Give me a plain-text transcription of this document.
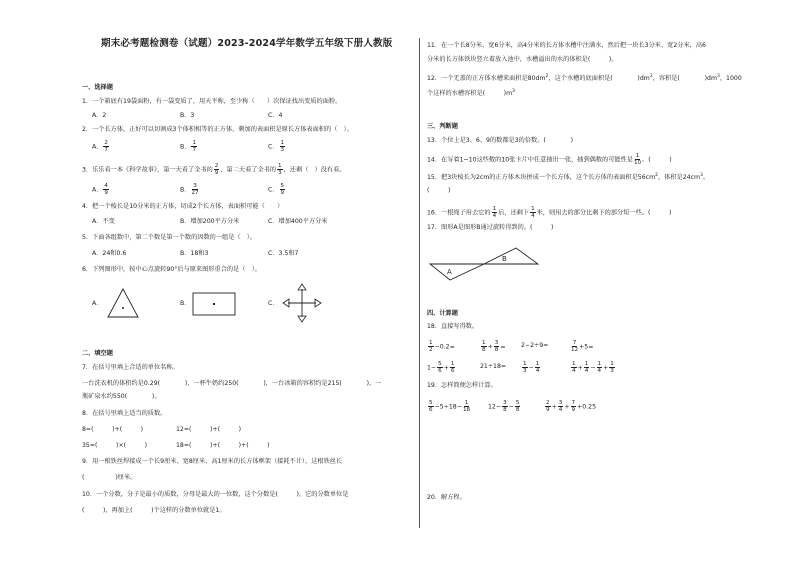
期末必考题检测卷（试题）2023-2024学年数学五年级下册人教版
一、选择题
1．一个箱底有19袋面粉，有一袋变质了，用天平称，至少称（　　）次保证找出变质的面粉。
A．2	B．3	C．4
2．一个长方体，正好可以切割成3个体积相等的正方体，剩加的表面积是原长方体表面积的（　）。
A． $\frac{2}{7}$	B． $\frac{1}{7}$	C． $\frac{1}{3}$
3．乐乐看一本《科学故事》，第一天看了全书的 $\frac{2}{9}$ ，第二天看了全书的 $\frac{1}{3}$ ，还剩（　）没有看。
A． $\frac{4}{9}$	B． $\frac{3}{27}$	C． $\frac{5}{9}$
4．把一个棱长是10分米的正方体，切成2个长方体，表面积可能（　　）
A．不变	B．增加200平方分米	C．增加400平方分米
5．下面各组数中，第二个数是第一个数的因数的一组是（　）。
A．24和0.6	B．18和3	C．3.5和7
6．下列图形中，按中心点旋转90°后与原来图形重合的是（　）。
A．	B．	C．
二、填空题
7．在括号里填上合适的单位名称。
一台洗衣机的体积约是0.29(　　　　)，一杯牛奶约250(　　　　)，一台冰箱的容积约是215(　　　　)，一
瓶矿泉水约550(　　　　)。
8．在括号里填上适当的质数。
8=(　　　)+(　　　)	12=(　　　)+(　　　)
35=(　　　)×(　　　)	18=(　　　)+(　　　)+(　　　)
9．用一根铁丝焊接成一个长9厘米、宽8厘米、高1厘米的长方体框架（接耗不计），这根铁丝长
(　　　　　)厘米。
10．一个分数，分子是最小的质数，分母是最大的一位数，这个分数是(　　　)，它的分数单位是
(　　　)，再加上(　　　)个这样的分数单位就是1。
11．在一个长8分米，宽6分米，高4分米的长方体水槽中注满水，然后把一块长3分米、宽2分米，高6
分米的长方体铁块竖立着放入池中，水槽溢出的水的体积是(　　　)。
12．一个无盖的正方体水槽来面积是$80dm^2$，这个水槽的底面积是(　　　　)$dm^2$，容积是(　　　　)$dm^3$，1000
个这样的水槽容积是(　　　)$m^3$
三、判断题
13．个位上是3、6、9的数都是3的倍数。(　　　　)
14．在写着1~10这些数的10张卡片中任意抽出一张，抽到偶数的可能性是 $\frac{1}{10}$ 。(　　　)
15．把3块棱长为2cm的正方体木块拼成一个长方体，这个长方体的表面积是$56cm^2$，体积是$24cm^3$。
(　　　)
16．一根绳子用去它的 $\frac{1}{4}$ 后，还剩下 $\frac{1}{4}$ 米，则用去的部分比剩下的部分短一些。(　　　)
17．图形A是图形B通过旋转得到的。(　　　)
A
B
四、计算题
18．直接写得数。
$\frac{1}{2} -0.2=$	$\frac{1}{8} + \frac{3}{8}$ =	2−2÷9=	$\frac{7}{12} +5=$
$1- \frac{5}{6} + \frac{1}{6}$	21÷18=	$\frac{1}{3} - \frac{1}{4}$	$\frac{1}{4} + \frac{1}{4} - \frac{1}{4} + \frac{1}{3}$
19．怎样简便怎样计算。
$\frac{5}{6} -5\div 18- \frac{1}{18}$	$12- \frac{3}{8} - \frac{5}{8}$	$\frac{2}{9} + \frac{3}{4} + \frac{7}{9} +0.25$
20．解方程。
